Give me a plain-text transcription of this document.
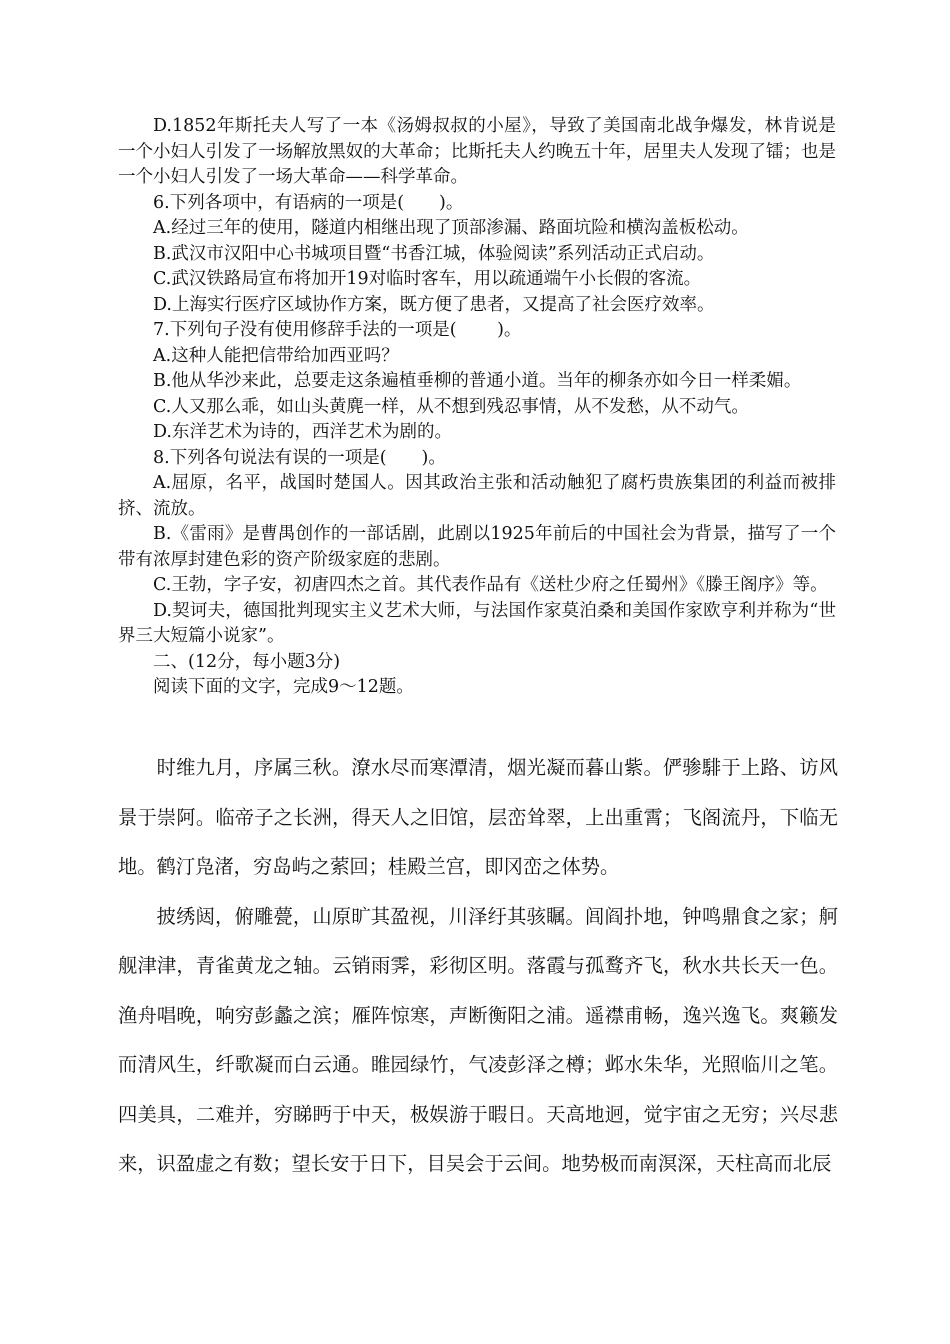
D.1852年斯托夫人写了一本《汤姆叔叔的小屋》，导致了美国南北战争爆发，林肯说是一个小妇人引发了一场解放黑奴的大革命；比斯托夫人约晚五十年，居里夫人发现了镭；也是一个小妇人引发了一场大革命——科学革命。

6.下列各项中，有语病的一项是(　　)。

A.经过三年的使用，隧道内相继出现了顶部渗漏、路面坑险和横沟盖板松动。

B.武汉市汉阳中心书城项目暨“书香江城，体验阅读”系列活动正式启动。

C.武汉铁路局宣布将加开19对临时客车，用以疏通端午小长假的客流。

D.上海实行医疗区域协作方案，既方便了患者，又提高了社会医疗效率。

7.下列句子没有使用修辞手法的一项是(　　 )。

A.这种人能把信带给加西亚吗？

B.他从华沙来此，总要走这条遍植垂柳的普通小道。当年的柳条亦如今日一样柔媚。

C.人又那么乖，如山头黄麂一样，从不想到残忍事情，从不发愁，从不动气。

D.东洋艺术为诗的，西洋艺术为剧的。

8.下列各句说法有误的一项是(　　)。

A.屈原，名平，战国时楚国人。因其政治主张和活动触犯了腐朽贵族集团的利益而被排挤、流放。

B.《雷雨》是曹禺创作的一部话剧，此剧以1925年前后的中国社会为背景，描写了一个带有浓厚封建色彩的资产阶级家庭的悲剧。

C.王勃，字子安，初唐四杰之首。其代表作品有《送杜少府之任蜀州》《滕王阁序》等。

D.契诃夫，德国批判现实主义艺术大师，与法国作家莫泊桑和美国作家欧亨利并称为“世界三大短篇小说家”。

二、(12分，每小题3分)

阅读下面的文字，完成9～12题。

时维九月，序属三秋。潦水尽而寒潭清，烟光凝而暮山紫。俨骖騑于上路、访风景于崇阿。临帝子之长洲，得天人之旧馆，层峦耸翠，上出重霄；飞阁流丹，下临无地。鹤汀凫渚，穷岛屿之萦回；桂殿兰宫，即冈峦之体势。

披绣闼，俯雕甍，山原旷其盈视，川泽纡其骇瞩。闾阎扑地，钟鸣鼎食之家；舸舰津津，青雀黄龙之轴。云销雨霁，彩彻区明。落霞与孤鹜齐飞，秋水共长天一色。渔舟唱晚，响穷彭蠡之滨；雁阵惊寒，声断衡阳之浦。遥襟甫畅，逸兴逸飞。爽籁发而清风生，纤歌凝而白云通。睢园绿竹，气凌彭泽之樽；邺水朱华，光照临川之笔。四美具，二难并，穷睇眄于中天，极娱游于暇日。天高地迥，觉宇宙之无穷；兴尽悲来，识盈虚之有数；望长安于日下，目吴会于云间。地势极而南溟深，天柱高而北辰
